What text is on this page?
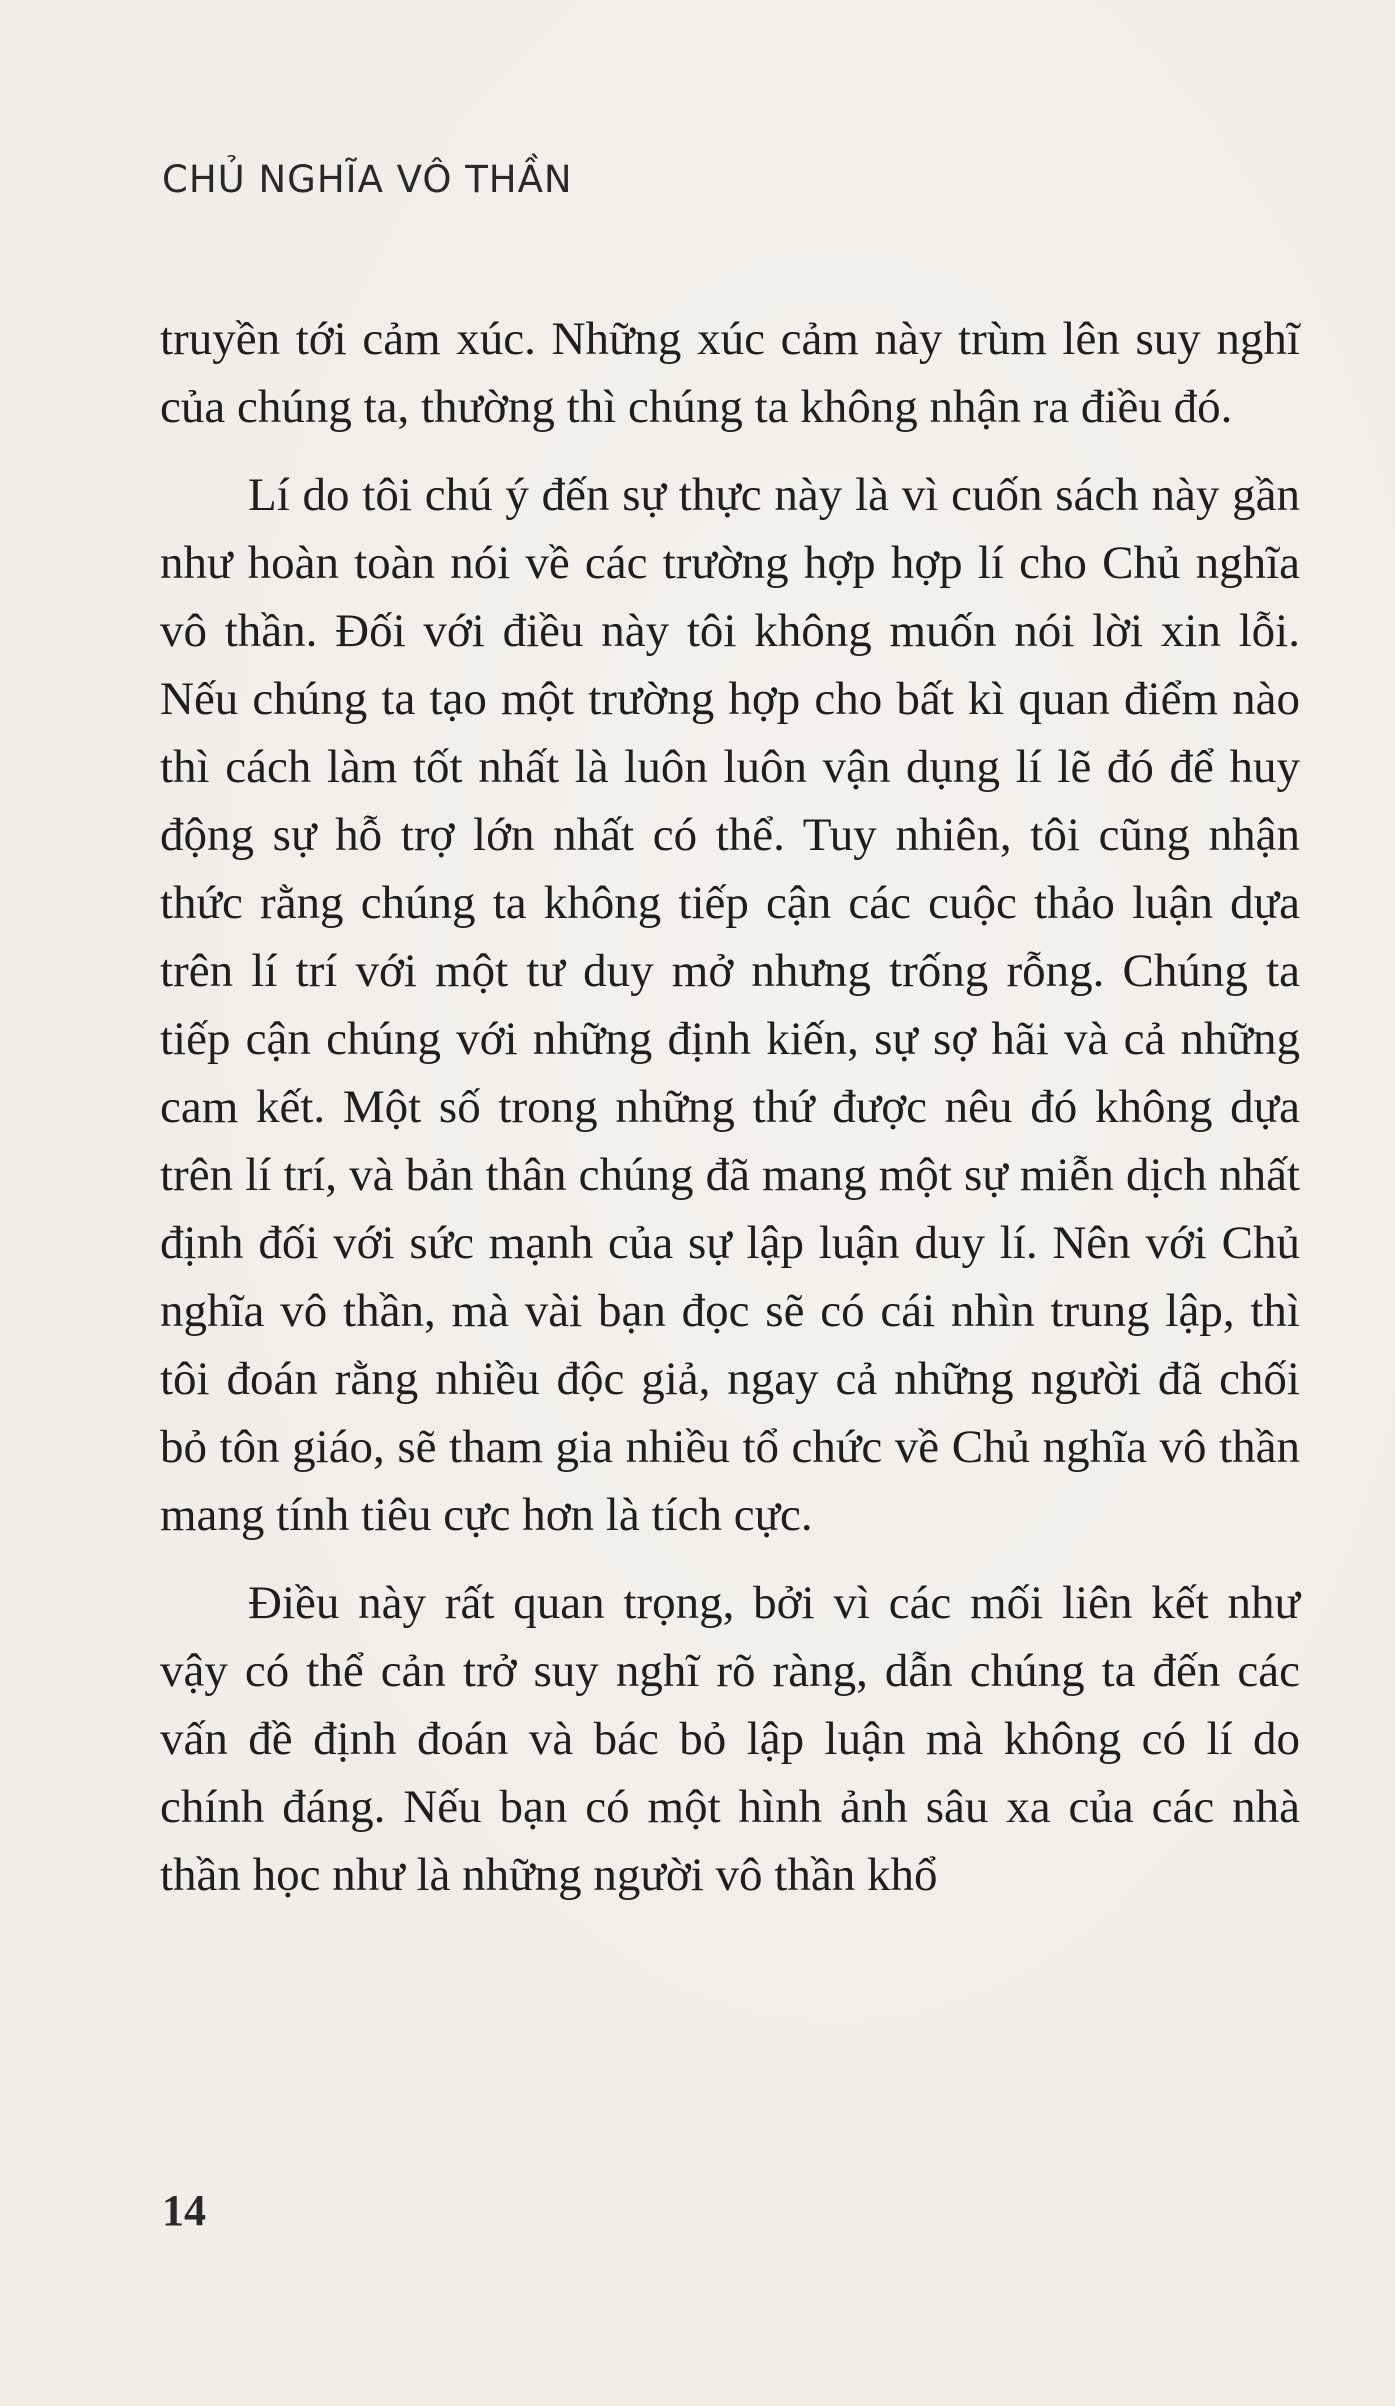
CHỦ NGHĨA VÔ THẦN

truyền tới cảm xúc. Những xúc cảm này trùm lên suy nghĩ của chúng ta, thường thì chúng ta không nhận ra điều đó.

Lí do tôi chú ý đến sự thực này là vì cuốn sách này gần như hoàn toàn nói về các trường hợp hợp lí cho Chủ nghĩa vô thần. Đối với điều này tôi không muốn nói lời xin lỗi. Nếu chúng ta tạo một trường hợp cho bất kì quan điểm nào thì cách làm tốt nhất là luôn luôn vận dụng lí lẽ đó để huy động sự hỗ trợ lớn nhất có thể. Tuy nhiên, tôi cũng nhận thức rằng chúng ta không tiếp cận các cuộc thảo luận dựa trên lí trí với một tư duy mở nhưng trống rỗng. Chúng ta tiếp cận chúng với những định kiến, sự sợ hãi và cả những cam kết. Một số trong những thứ được nêu đó không dựa trên lí trí, và bản thân chúng đã mang một sự miễn dịch nhất định đối với sức mạnh của sự lập luận duy lí. Nên với Chủ nghĩa vô thần, mà vài bạn đọc sẽ có cái nhìn trung lập, thì tôi đoán rằng nhiều độc giả, ngay cả những người đã chối bỏ tôn giáo, sẽ tham gia nhiều tổ chức về Chủ nghĩa vô thần mang tính tiêu cực hơn là tích cực.

Điều này rất quan trọng, bởi vì các mối liên kết như vậy có thể cản trở suy nghĩ rõ ràng, dẫn chúng ta đến các vấn đề định đoán và bác bỏ lập luận mà không có lí do chính đáng. Nếu bạn có một hình ảnh sâu xa của các nhà thần học như là những người vô thần khổ

14
